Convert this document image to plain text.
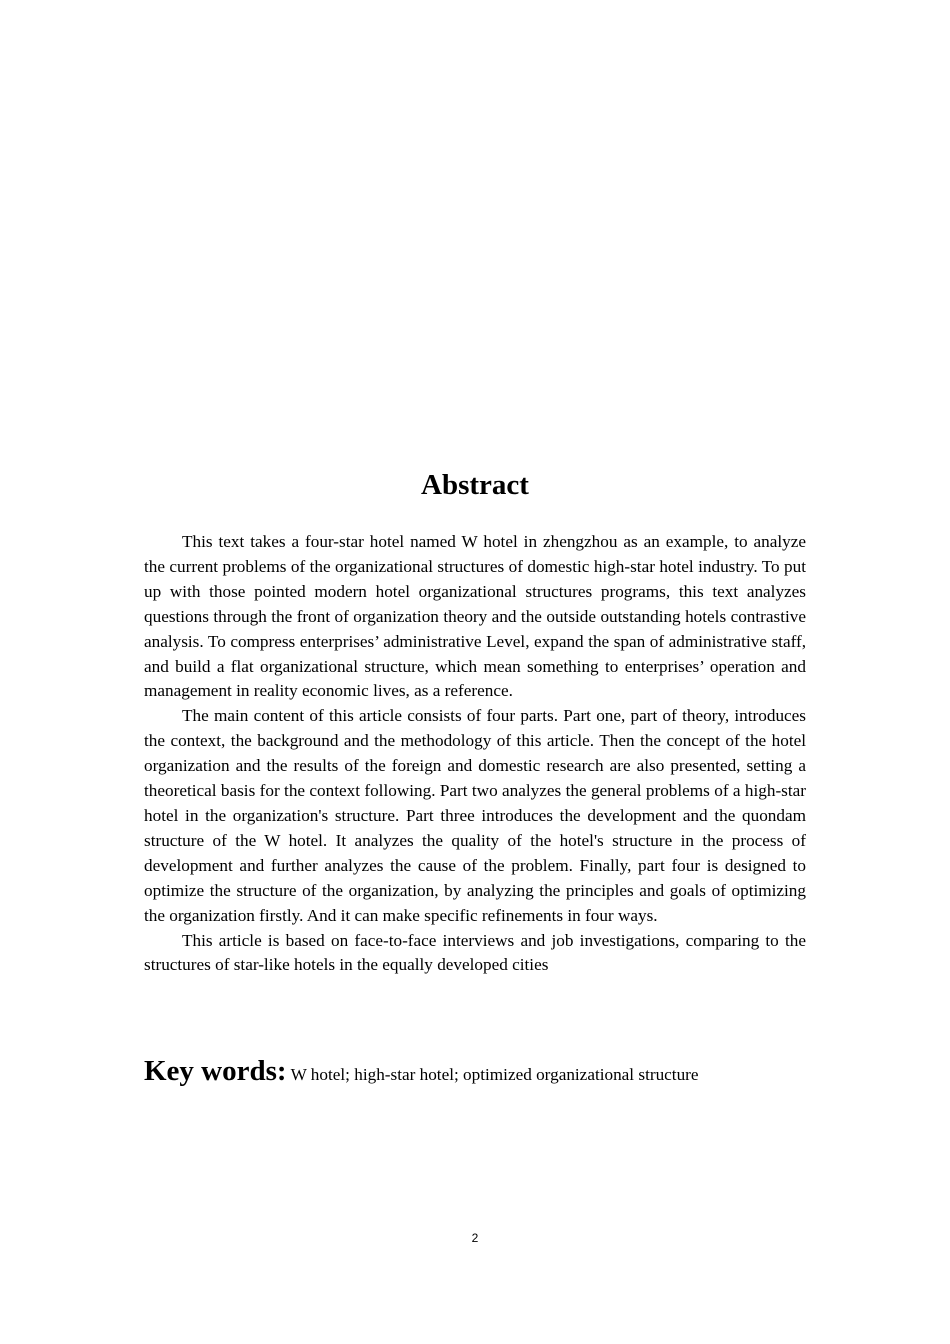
Abstract

This text takes a four-star hotel named W hotel in zhengzhou as an example, to analyze the current problems of the organizational structures of domestic high-star hotel industry. To put up with those pointed modern hotel organizational structures programs, this text analyzes questions through the front of organization theory and the outside outstanding hotels contrastive analysis. To compress enterprises’ administrative Level, expand the span of administrative staff, and build a flat organizational structure, which mean something to enterprises’ operation and management in reality economic lives, as a reference.

The main content of this article consists of four parts. Part one, part of theory, introduces the context, the background and the methodology of this article. Then the concept of the hotel organization and the results of the foreign and domestic research are also presented, setting a theoretical basis for the context following. Part two analyzes the general problems of a high-star hotel in the organization's structure. Part three introduces the development and the quondam structure of the W hotel. It analyzes the quality of the hotel's structure in the process of development and further analyzes the cause of the problem. Finally, part four is designed to optimize the structure of the organization, by analyzing the principles and goals of optimizing the organization firstly. And it can make specific refinements in four ways.

This article is based on face-to-face interviews and job investigations, comparing to the structures of star-like hotels in the equally developed cities

Key words: W hotel; high-star hotel; optimized organizational structure
2
